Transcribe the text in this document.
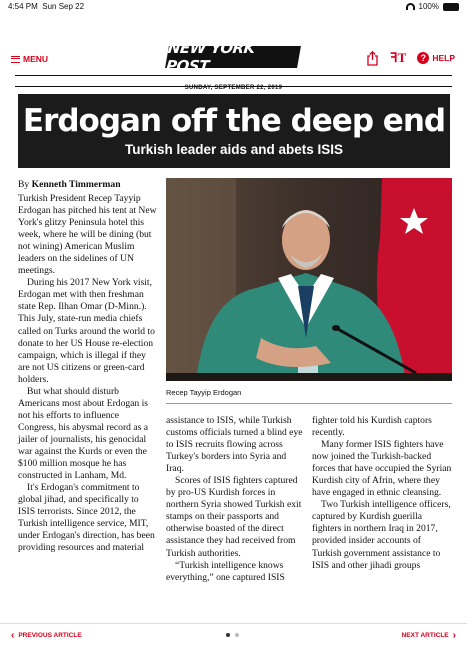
4:54 PM Sun Sep 22	100%
MENU
NEW YORK POST	ꟻT	? HELP
SUNDAY, SEPTEMBER 22, 2019
Erdogan off the deep end
Turkish leader aids and abets ISIS
By Kenneth Timmerman

Turkish President Recep Tayyip Erdogan has pitched his tent at New York's glitzy Peninsula hotel this week, where he will be dining (but not wining) American Muslim leaders on the sidelines of UN meetings.

During his 2017 New York visit, Erdogan met with then freshman state Rep. Ilhan Omar (D-Minn.). This July, state-run media chiefs called on Turks around the world to donate to her US House re-election campaign, which is illegal if they are not US citizens or green-card holders.

But what should disturb Americans most about Erdogan is not his efforts to influence Congress, his abysmal record as a jailer of journalists, his genocidal war against the Kurds or even the $100 million mosque he has constructed in Lanham, Md.

It's Erdogan's commitment to global jihad, and specifically to ISIS terrorists. Since 2012, the Turkish intelligence service, MIT, under Erdogan's direction, has been providing resources and material

Recep Tayyip Erdogan

assistance to ISIS, while Turkish customs officials turned a blind eye to ISIS recruits flowing across Turkey's borders into Syria and Iraq.

Scores of ISIS fighters captured by pro-US Kurdish forces in northern Syria showed Turkish exit stamps on their passports and otherwise boasted of the direct assistance they had received from Turkish authorities.

“Turkish intelligence knows everything,” one captured ISIS

fighter told his Kurdish captors recently.

Many former ISIS fighters have now joined the Turkish-backed forces that have occupied the Syrian Kurdish city of Afrin, where they have engaged in ethnic cleansing.

Two Turkish intelligence officers, captured by Kurdish guerilla fighters in northern Iraq in 2017, provided insider accounts of Turkish government assistance to ISIS and other jihadi groups

‹ PREVIOUS ARTICLE	NEXT ARTICLE ›
